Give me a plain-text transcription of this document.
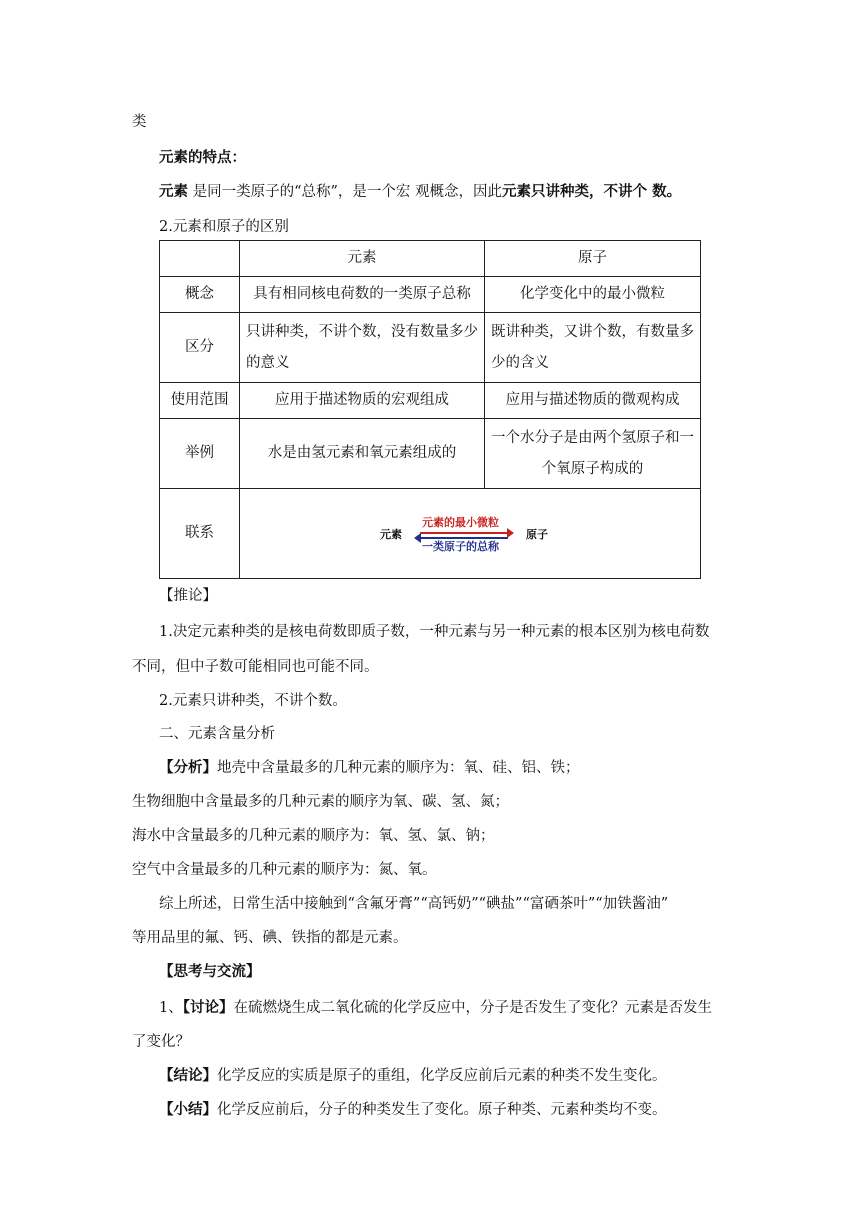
类
元素的特点：
元素 是同一类原子的“总称”，是一个宏 观概念，因此元素只讲种类，不讲个 数。
2.元素和原子的区别
	元素	原子
概念	具有相同核电荷数的一类原子总称	化学变化中的最小微粒
区分	只讲种类，不讲个数，没有数量多少的意义	既讲种类，又讲个数，有数量多少的含义
使用范围	应用于描述物质的宏观组成	应用与描述物质的微观构成
举例	水是由氢元素和氧元素组成的	一个水分子是由两个氢原子和一个氧原子构成的
联系	元素
元素的最小微粒
一类原子的总称
原子	
【推论】
1.决定元素种类的是核电荷数即质子数，一种元素与另一种元素的根本区别为核电荷数
不同，但中子数可能相同也可能不同。
2.元素只讲种类，不讲个数。
二、元素含量分析
【分析】地壳中含量最多的几种元素的顺序为：氧、硅、铝、铁；
生物细胞中含量最多的几种元素的顺序为氧、碳、氢、氮；
海水中含量最多的几种元素的顺序为：氧、氢、氯、钠；
空气中含量最多的几种元素的顺序为：氮、氧。
综上所述，日常生活中接触到“含氟牙膏”“高钙奶”“碘盐”“富硒茶叶”“加铁酱油”
等用品里的氟、钙、碘、铁指的都是元素。
【思考与交流】
1、【讨论】在硫燃烧生成二氧化硫的化学反应中，分子是否发生了变化？元素是否发生
了变化？
【结论】化学反应的实质是原子的重组，化学反应前后元素的种类不发生变化。
【小结】化学反应前后，分子的种类发生了变化。原子种类、元素种类均不变。
